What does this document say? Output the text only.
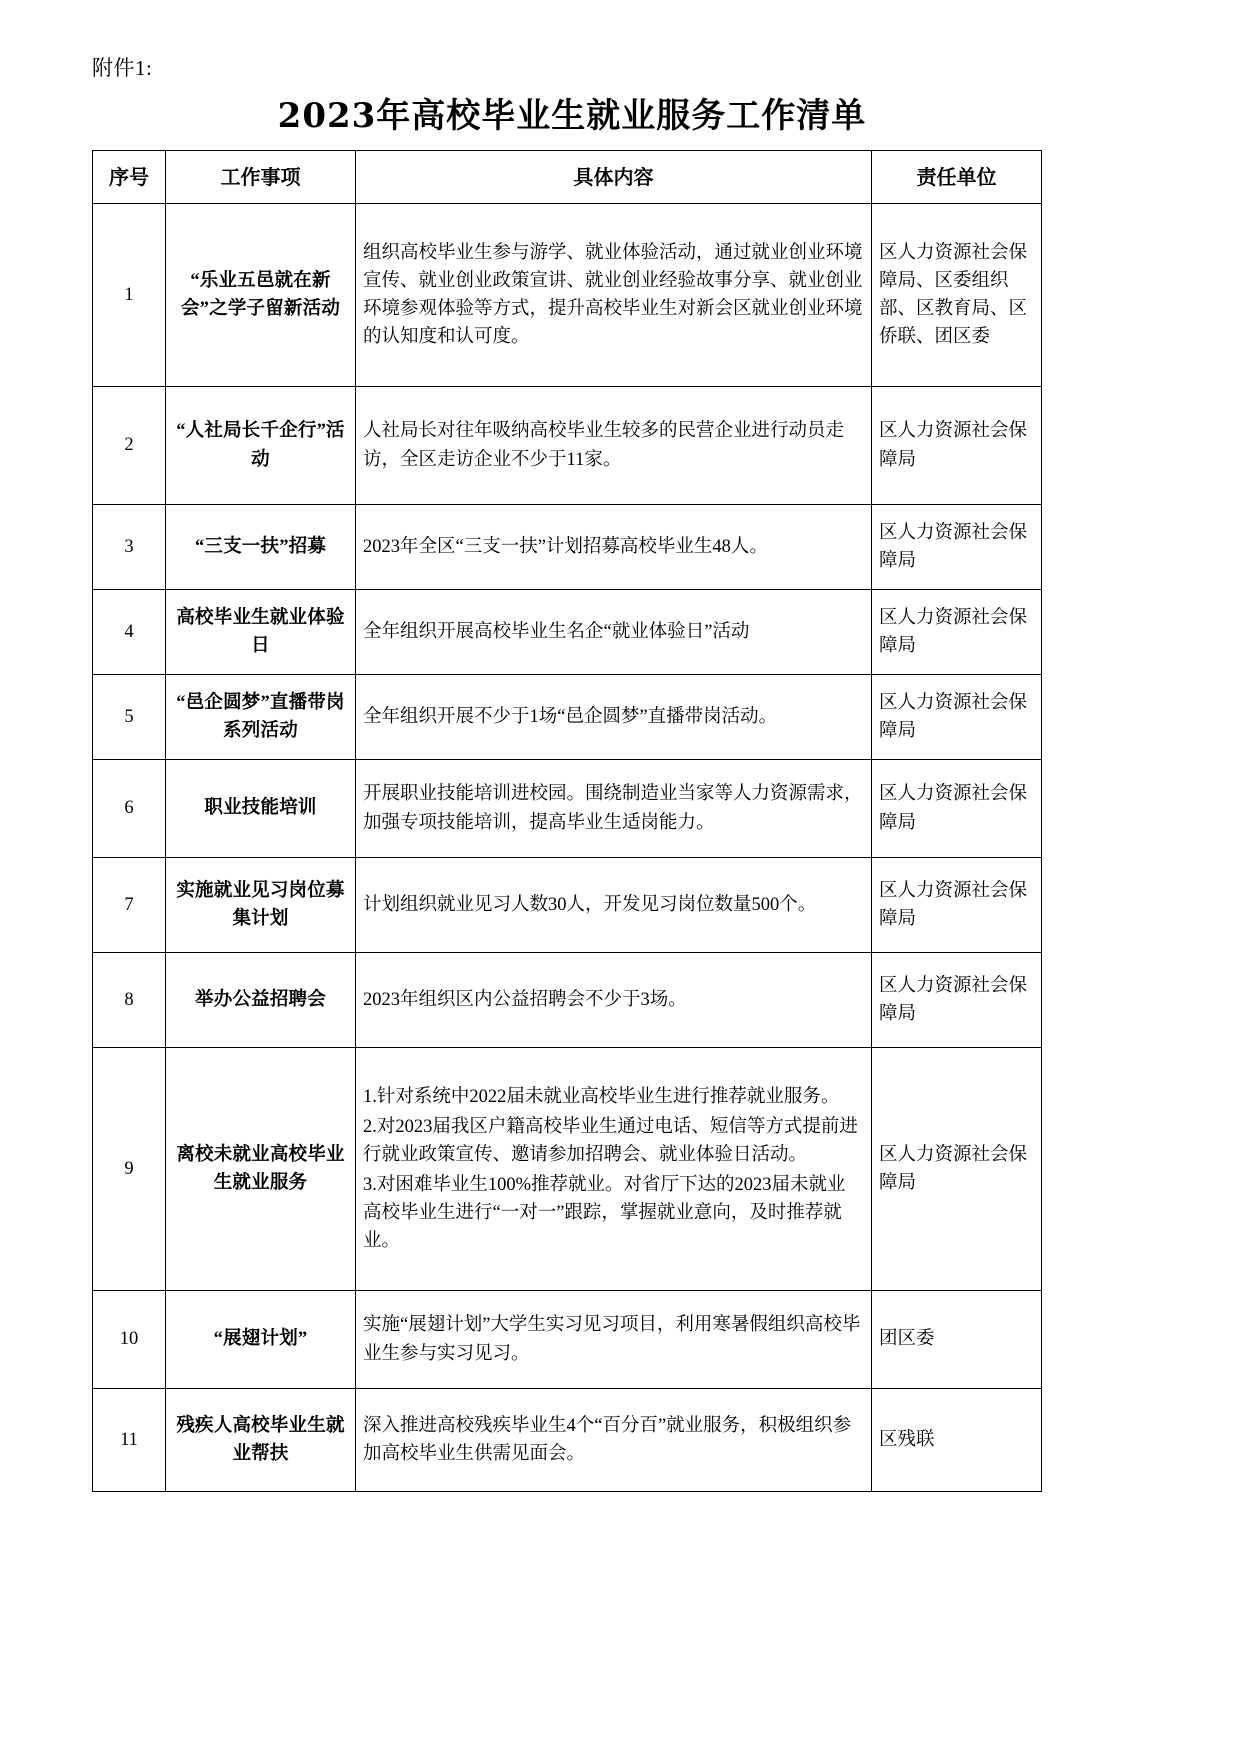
附件1:
2023年高校毕业生就业服务工作清单
序号	工作事项	具体内容	责任单位
1	“乐业五邑就在新会”之学子留新活动	组织高校毕业生参与游学、就业体验活动，通过就业创业环境宣传、就业创业政策宣讲、就业创业经验故事分享、就业创业环境参观体验等方式，提升高校毕业生对新会区就业创业环境的认知度和认可度。	区人力资源社会保障局、区委组织部、区教育局、区侨联、团区委
2	“人社局长千企行”活动	人社局长对往年吸纳高校毕业生较多的民营企业进行动员走访，全区走访企业不少于11家。	区人力资源社会保障局
3	“三支一扶”招募	2023年全区“三支一扶”计划招募高校毕业生48人。	区人力资源社会保障局
4	高校毕业生就业体验日	全年组织开展高校毕业生名企“就业体验日”活动	区人力资源社会保障局
5	“邑企圆梦”直播带岗系列活动	全年组织开展不少于1场“邑企圆梦”直播带岗活动。	区人力资源社会保障局
6	职业技能培训	开展职业技能培训进校园。围绕制造业当家等人力资源需求，加强专项技能培训，提高毕业生适岗能力。	区人力资源社会保障局
7	实施就业见习岗位募集计划	计划组织就业见习人数30人，开发见习岗位数量500个。	区人力资源社会保障局
8	举办公益招聘会	2023年组织区内公益招聘会不少于3场。	区人力资源社会保障局
9	离校未就业高校毕业生就业服务	1.针对系统中2022届未就业高校毕业生进行推荐就业服务。

2.对2023届我区户籍高校毕业生通过电话、短信等方式提前进行就业政策宣传、邀请参加招聘会、就业体验日活动。

3.对困难毕业生100%推荐就业。对省厅下达的2023届未就业高校毕业生进行“一对一”跟踪，掌握就业意向，及时推荐就业。	区人力资源社会保障局
10	“展翅计划”	实施“展翅计划”大学生实习见习项目，利用寒暑假组织高校毕业生参与实习见习。	团区委
11	残疾人高校毕业生就业帮扶	深入推进高校残疾毕业生4个“百分百”就业服务，积极组织参加高校毕业生供需见面会。	区残联
